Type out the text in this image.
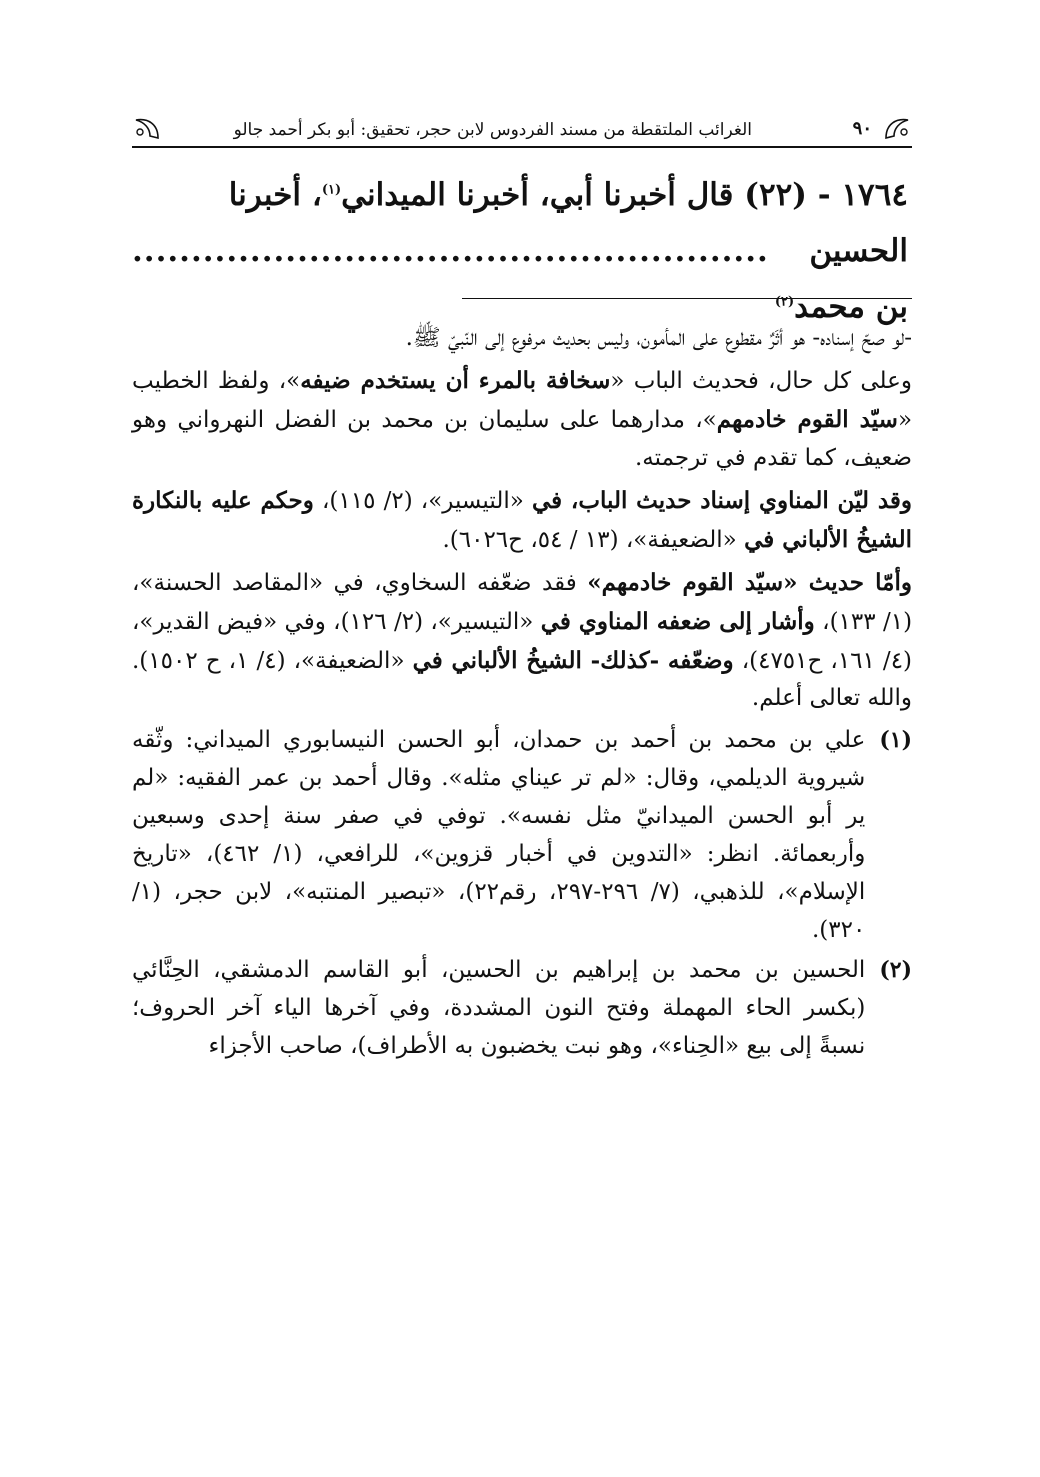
٩٠
الغرائب الملتقطة من مسند الفردوس لابن حجر، تحقيق: أبو بكر أحمد جالو
١٧٦٤ - (٢٢) قال أخبرنا أبي، أخبرنا الميداني$^{(١)}$، أخبرنا
الحسين بن محمد$^{(٢)}$
......................................................

-لو صحّ إسناده- هو أثَرٌ مقطوع على المأمون، وليس بحديث مرفوع إلى النّبيّ ﷺ.

وعلى كل حال، فحديث الباب «سخافة بالمرء أن يستخدم ضيفه»، ولفظ الخطيب «سيّد القوم خادمهم»، مدارهما على سليمان بن محمد بن الفضل النهرواني وهو ضعيف، كما تقدم في ترجمته.

وقد ليّن المناوي إسناد حديث الباب، في «التيسير»، (٢/ ١١٥)، وحكم عليه بالنكارة الشيخُ الألباني في «الضعيفة»، (١٣ / ٥٤، ح٦٠٢٦).

وأمّا حديث «سيّد القوم خادمهم» فقد ضعّفه السخاوي، في «المقاصد الحسنة»، (١/ ١٣٣)، وأشار إلى ضعفه المناوي في «التيسير»، (٢/ ١٢٦)، وفي «فيض القدير»، (٤/ ١٦١، ح٤٧٥١)، وضعّفه -كذلك- الشيخُ الألباني في «الضعيفة»، (٤/ ١، ح ١٥٠٢). والله تعالى أعلم.

(١)
علي بن محمد بن أحمد بن حمدان، أبو الحسن النيسابوري الميداني: وثّقه شيروية الديلمي، وقال: «لم تر عيناي مثله». وقال أحمد بن عمر الفقيه: «لم ير أبو الحسن الميدانيّ مثل نفسه». توفي في صفر سنة إحدى وسبعين وأربعمائة. انظر: «التدوين في أخبار قزوين»، للرافعي، (١/ ٤٦٢)، «تاريخ الإسلام»، للذهبي، (٧/ ٢٩٦-٢٩٧، رقم٢٢)، «تبصير المنتبه»، لابن حجر، (١/ ٣٢٠).
(٢)
الحسين بن محمد بن إبراهيم بن الحسين، أبو القاسم الدمشقي، الحِنَّائي (بكسر الحاء المهملة وفتح النون المشددة، وفي آخرها الياء آخر الحروف؛ نسبةً إلى بيع «الحِناء»، وهو نبت يخضبون به الأطراف)، صاحب الأجزاء
